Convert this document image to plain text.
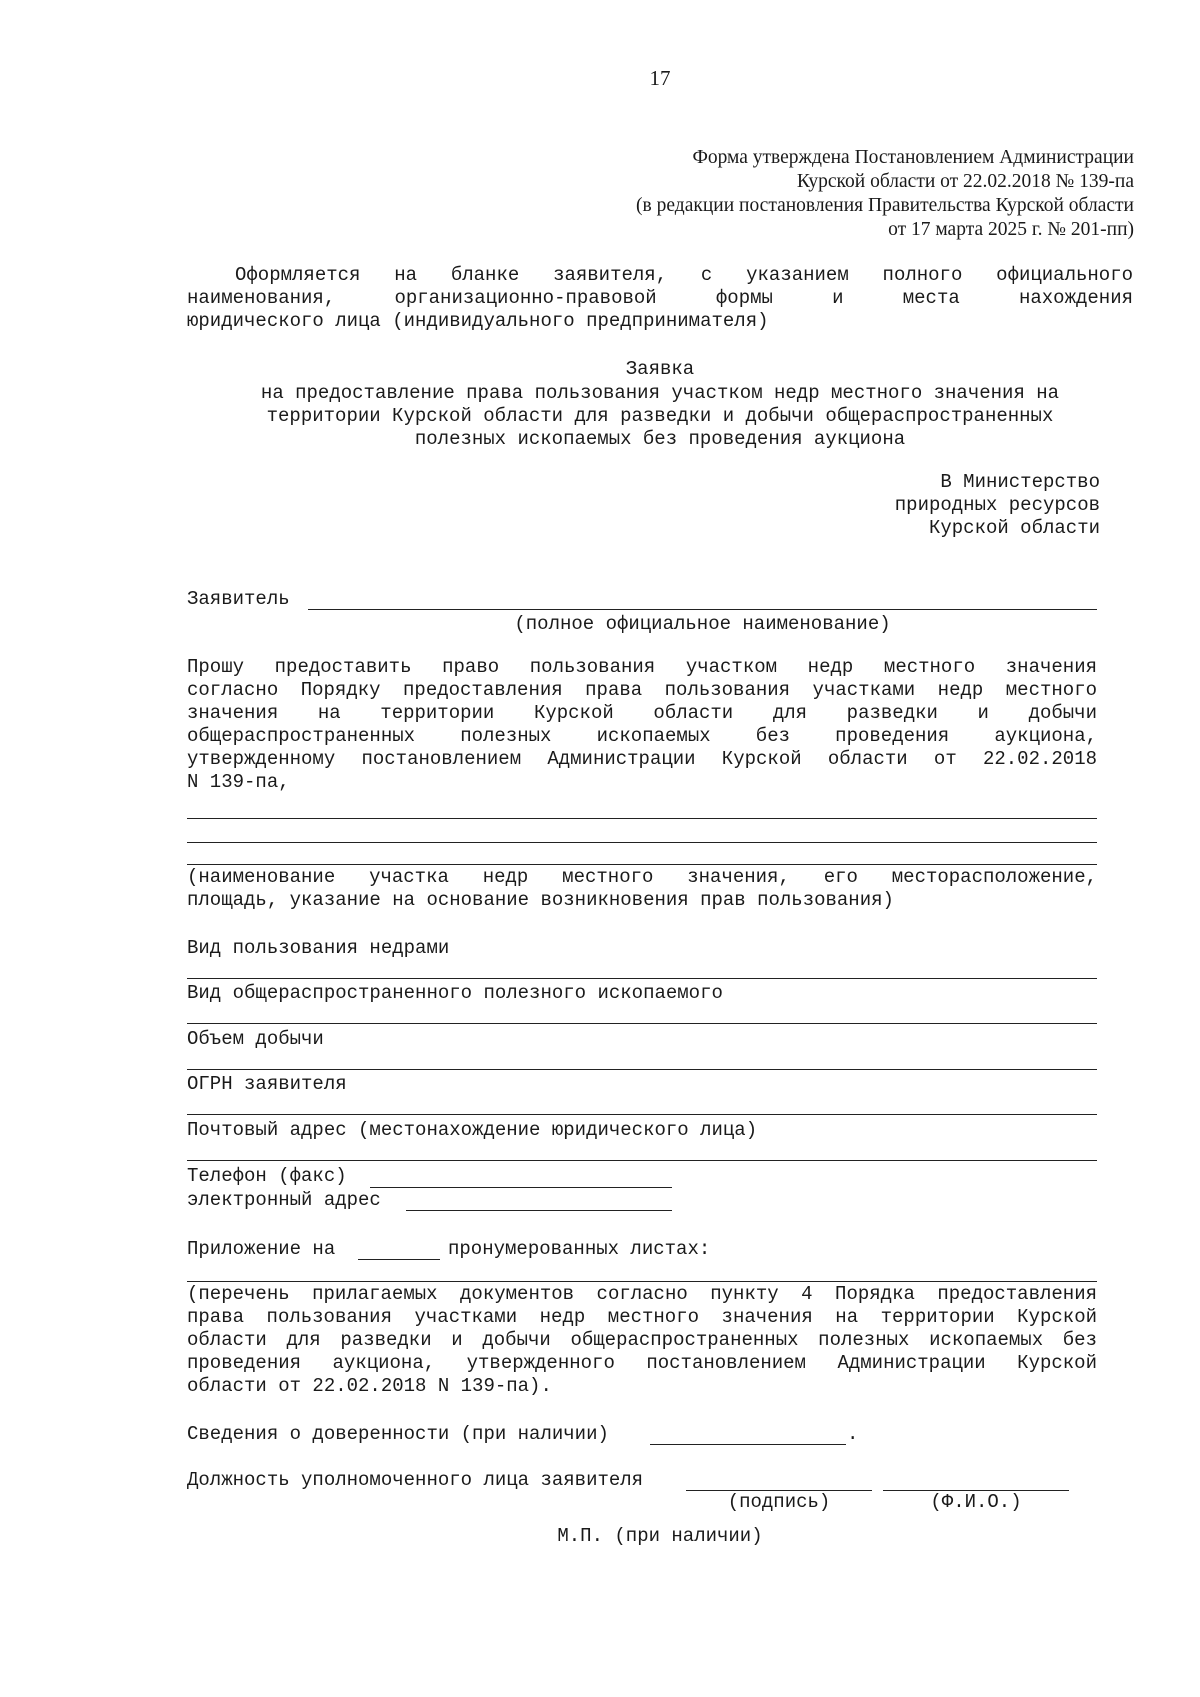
17
Форма утверждена Постановлением Администрации
Курской области от 22.02.2018 № 139-па
(в редакции постановления Правительства Курской области
от 17 марта 2025 г. № 201-пп)
Оформляется на бланке заявителя, с указанием полного официального
наименования, организационно-правовой формы и места нахождения
юридического лица (индивидуального предпринимателя)
Заявка
на предоставление права пользования участком недр местного значения на
территории Курской области для разведки и добычи общераспространенных
полезных ископаемых без проведения аукциона
В Министерство
природных ресурсов
Курской области
Заявитель
(полное официальное наименование)
Прошу предоставить право пользования участком недр местного значения
согласно Порядку предоставления права пользования участками недр местного
значения на территории Курской области для разведки и добычи
общераспространенных полезных ископаемых без проведения аукциона,
утвержденному постановлением Администрации Курской области от 22.02.2018
N 139-па,
(наименование участка недр местного значения, его месторасположение,
площадь, указание на основание возникновения прав пользования)
Вид пользования недрами
Вид общераспространенного полезного ископаемого
Объем добычи
ОГРН заявителя
Почтовый адрес (местонахождение юридического лица)
Телефон (факс)
электронный адрес
Приложение на	пронумерованных листах:
(перечень прилагаемых документов согласно пункту 4 Порядка предоставления
права пользования участками недр местного значения на территории Курской
области для разведки и добычи общераспространенных полезных ископаемых без
проведения аукциона, утвержденного постановлением Администрации Курской
области от 22.02.2018 N 139-па).
Сведения о доверенности (при наличии)	.
Должность уполномоченного лица заявителя
(подпись)	(Ф.И.О.)
М.П. (при наличии)
